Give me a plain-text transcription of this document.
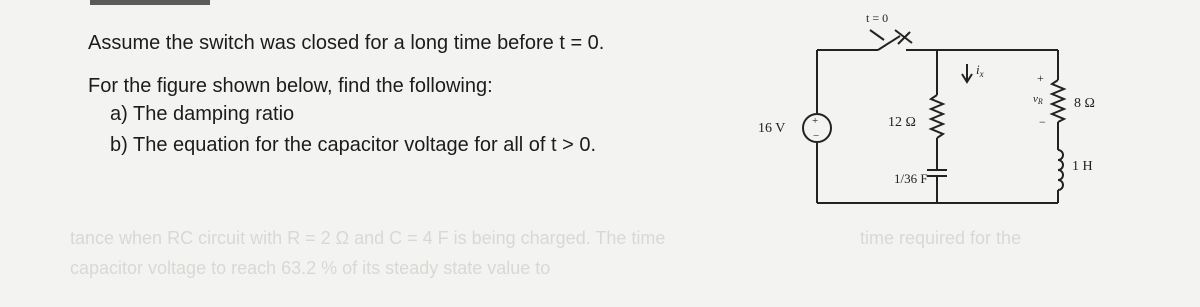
Assume the switch was closed for a long time before t = 0.
For the figure shown below, find the following:
a) The damping ratio
b) The equation for the capacitor voltage for all of t > 0.
tance when RC circuit with R = 2 Ω and C = 4 F is being charged. The time
capacitor voltage to reach 63.2 % of its steady state value to
time required for the
t = 0
+
−
16 V	12 Ω
1/36 F
$i_x$	+
vR
−
8 Ω
1 H
